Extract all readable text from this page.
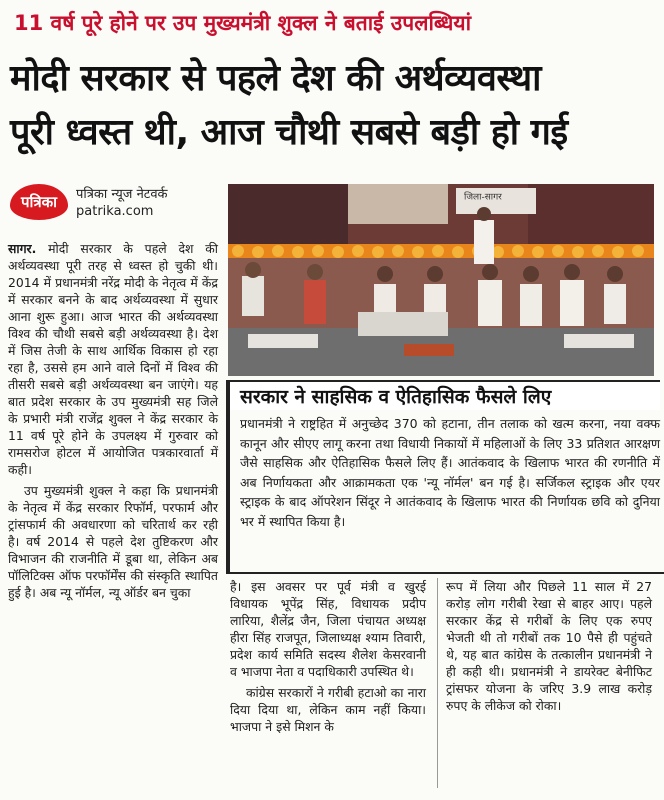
11 वर्ष पूरे होने पर उप मुख्यमंत्री शुक्ल ने बताई उपलब्धियां
मोदी सरकार से पहले देश की अर्थव्यवस्था
पूरी ध्वस्त थी, आज चौथी सबसे बड़ी हो गई
पत्रिका	पत्रिका न्यूज नेटवर्क
patrika.com

सागर. मोदी सरकार के पहले देश की अर्थव्यवस्था पूरी तरह से ध्वस्त हो चुकी थी। 2014 में प्रधानमंत्री नरेंद्र मोदी के नेतृत्व में केंद्र में सरकार बनने के बाद अर्थव्यवस्था में सुधार आना शुरू हुआ। आज भारत की अर्थव्यवस्था विश्व की चौथी सबसे बड़ी अर्थव्यवस्था है। देश में जिस तेजी के साथ आर्थिक विकास हो रहा रहा है, उससे हम आने वाले दिनों में विश्व की तीसरी सबसे बड़ी अर्थव्यवस्था बन जाएंगे। यह बात प्रदेश सरकार के उप मुख्यमंत्री सह जिले के प्रभारी मंत्री राजेंद्र शुक्ल ने केंद्र सरकार के 11 वर्ष पूरे होने के उपलक्ष्य में गुरुवार को रामसरोज होटल में आयोजित पत्रकारवार्ता में कही।

उप मुख्यमंत्री शुक्ल ने कहा कि प्रधानमंत्री के नेतृत्व में केंद्र सरकार रिफॉर्म, परफार्म और ट्रांसफार्म की अवधारणा को चरितार्थ कर रही है। वर्ष 2014 से पहले देश तुष्टिकरण और विभाजन की राजनीति में डूबा था, लेकिन अब पॉलिटिक्स ऑफ परफॉर्मेंस की संस्कृति स्थापित हुई है। अब न्यू नॉर्मल, न्यू ऑर्डर बन चुका

जिला-सागर
सरकार ने साहसिक व ऐतिहासिक फैसले लिए

प्रधानमंत्री ने राष्ट्रहित में अनुच्छेद 370 को हटाना, तीन तलाक को खत्म करना, नया वक्फ कानून और सीएए लागू करना तथा विधायी निकायों में महिलाओं के लिए 33 प्रतिशत आरक्षण जैसे साहसिक और ऐतिहासिक फैसले लिए हैं। आतंकवाद के खिलाफ भारत की रणनीति में अब निर्णायकता और आक्रामकता एक 'न्यू नॉर्मल' बन गई है। सर्जिकल स्ट्राइक और एयर स्ट्राइक के बाद ऑपरेशन सिंदूर ने आतंकवाद के खिलाफ भारत की निर्णायक छवि को दुनिया भर में स्थापित किया है।

है। इस अवसर पर पूर्व मंत्री व खुरई विधायक भूपेंद्र सिंह, विधायक प्रदीप लारिया, शैलेंद्र जैन, जिला पंचायत अध्यक्ष हीरा सिंह राजपूत, जिलाध्यक्ष श्याम तिवारी, प्रदेश कार्य समिति सदस्य शैलेश केसरवानी व भाजपा नेता व पदाधिकारी उपस्थित थे।

कांग्रेस सरकारों ने गरीबी हटाओ का नारा दिया दिया था, लेकिन काम नहीं किया। भाजपा ने इसे मिशन के

रूप में लिया और पिछले 11 साल में 27 करोड़ लोग गरीबी रेखा से बाहर आए। पहले सरकार केंद्र से गरीबों के लिए एक रुपए भेजती थी तो गरीबों तक 10 पैसे ही पहुंचते थे, यह बात कांग्रेस के तत्कालीन प्रधानमंत्री ने ही कही थी। प्रधानमंत्री ने डायरेक्ट बेनीफिट ट्रांसफर योजना के जरिए 3.9 लाख करोड़ रुपए के लीकेज को रोका।
